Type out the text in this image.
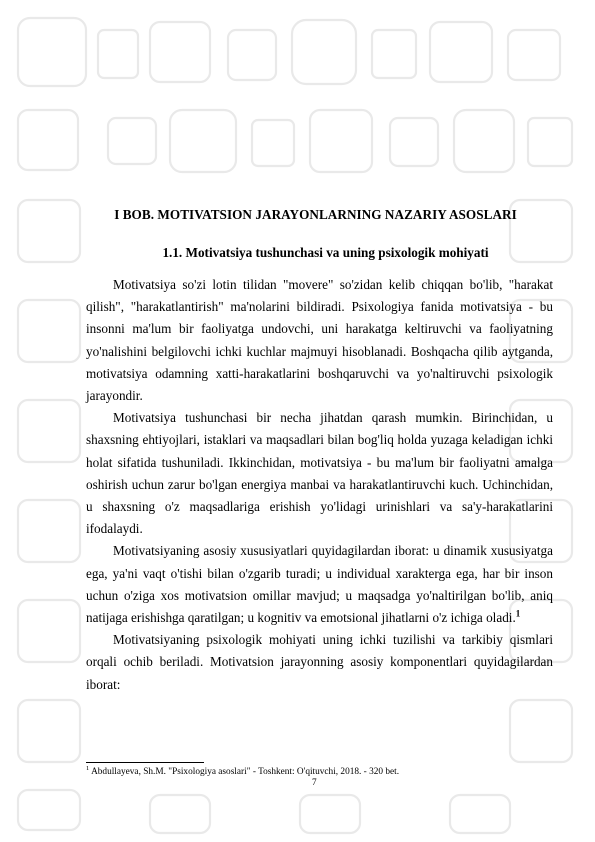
I BOB. MOTIVATSION JARAYONLARNING NAZARIY ASOSLARI
1.1. Motivatsiya tushunchasi va uning psixologik mohiyati

Motivatsiya so'zi lotin tilidan "movere" so'zidan kelib chiqqan bo'lib, "harakat qilish", "harakatlantirish" ma'nolarini bildiradi. Psixologiya fanida motivatsiya - bu insonni ma'lum bir faoliyatga undovchi, uni harakatga keltiruvchi va faoliyatning yo'nalishini belgilovchi ichki kuchlar majmuyi hisoblanadi. Boshqacha qilib aytganda, motivatsiya odamning xatti-harakatlarini boshqaruvchi va yo'naltiruvchi psixologik jarayondir.

Motivatsiya tushunchasi bir necha jihatdan qarash mumkin. Birinchidan, u shaxsning ehtiyojlari, istaklari va maqsadlari bilan bog'liq holda yuzaga keladigan ichki holat sifatida tushuniladi. Ikkinchidan, motivatsiya - bu ma'lum bir faoliyatni amalga oshirish uchun zarur bo'lgan energiya manbai va harakatlantiruvchi kuch. Uchinchidan, u shaxsning o'z maqsadlariga erishish yo'lidagi urinishlari va sa'y-harakatlarini ifodalaydi.

Motivatsiyaning asosiy xususiyatlari quyidagilardan iborat: u dinamik xususiyatga ega, ya'ni vaqt o'tishi bilan o'zgarib turadi; u individual xarakterga ega, har bir inson uchun o'ziga xos motivatsion omillar mavjud; u maqsadga yo'naltirilgan bo'lib, aniq natijaga erishishga qaratilgan; u kognitiv va emotsional jihatlarni o'z ichiga oladi.$^1$

Motivatsiyaning psixologik mohiyati uning ichki tuzilishi va tarkibiy qismlari orqali ochib beriladi. Motivatsion jarayonning asosiy komponentlari quyidagilardan iborat:

$^1$ Abdullayeva, Sh.M. "Psixologiya asoslari" - Toshkent: O'qituvchi, 2018. - 320 bet.
7
